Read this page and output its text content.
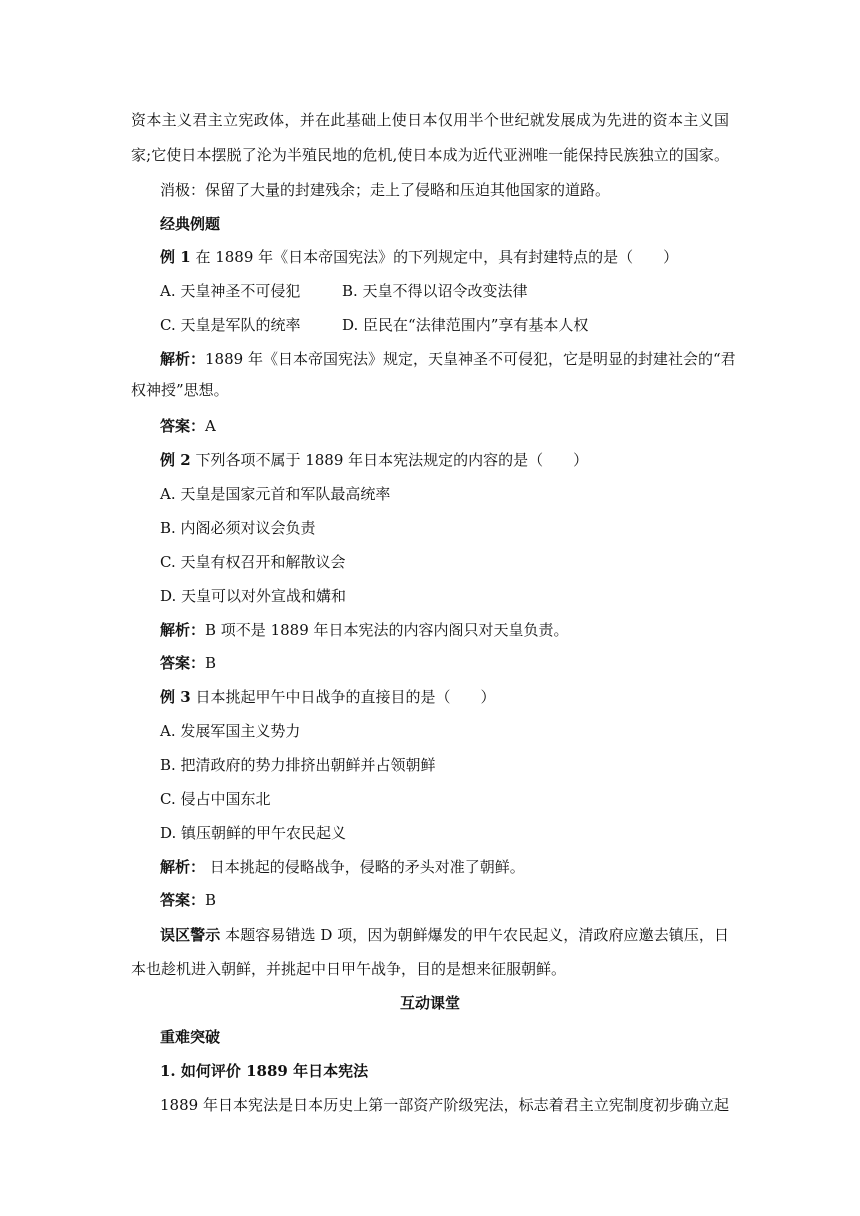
资本主义君主立宪政体，并在此基础上使日本仅用半个世纪就发展成为先进的资本主义国
家;它使日本摆脱了沦为半殖民地的危机,使日本成为近代亚洲唯一能保持民族独立的国家。
消极：保留了大量的封建残余；走上了侵略和压迫其他国家的道路。
经典例题
例 1 在 1889 年《日本帝国宪法》的下列规定中，具有封建特点的是（　　）
A. 天皇神圣不可侵犯	B. 天皇不得以诏令改变法律
C. 天皇是军队的统率	D. 臣民在“法律范围内”享有基本人权
解析：1889 年《日本帝国宪法》规定，天皇神圣不可侵犯，它是明显的封建社会的“君
权神授”思想。
答案：A
例 2 下列各项不属于 1889 年日本宪法规定的内容的是（　　）
A. 天皇是国家元首和军队最高统率
B. 内阁必须对议会负责
C. 天皇有权召开和解散议会
D. 天皇可以对外宣战和媾和
解析：B 项不是 1889 年日本宪法的内容内阁只对天皇负责。
答案：B
例 3 日本挑起甲午中日战争的直接目的是（　　）
A. 发展军国主义势力
B. 把清政府的势力排挤出朝鲜并占领朝鲜
C. 侵占中国东北
D. 镇压朝鲜的甲午农民起义
解析： 日本挑起的侵略战争，侵略的矛头对准了朝鲜。
答案：B
误区警示 本题容易错选 D 项，因为朝鲜爆发的甲午农民起义，清政府应邀去镇压，日
本也趁机进入朝鲜，并挑起中日甲午战争，目的是想来征服朝鲜。
互动课堂
重难突破
1. 如何评价 1889 年日本宪法
1889 年日本宪法是日本历史上第一部资产阶级宪法，标志着君主立宪制度初步确立起
